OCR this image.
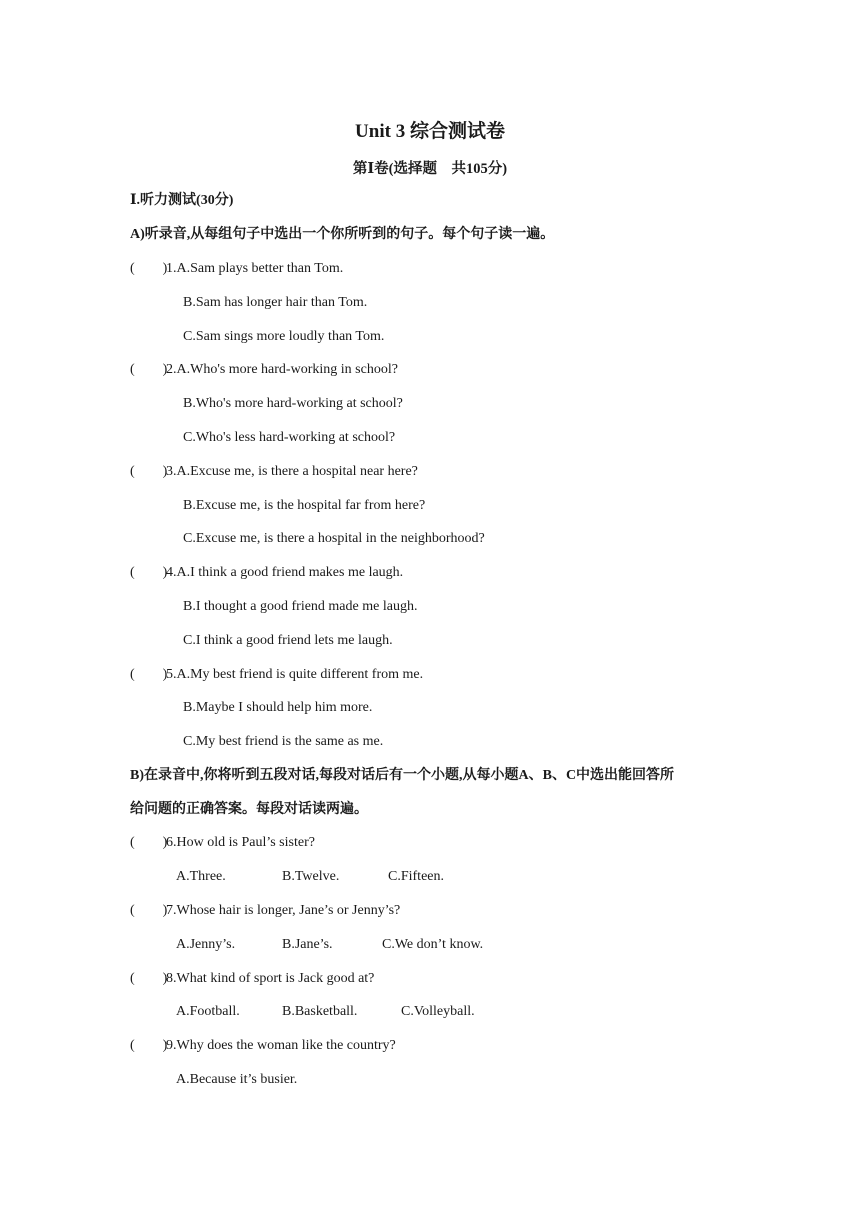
Unit 3 综合测试卷
第Ⅰ卷(选择题　共105分)
Ⅰ.听力测试(30分)
A)听录音,从每组句子中选出一个你所听到的句子。每个句子读一遍。
(　　)
1.A.Sam plays better than Tom.
B.Sam has longer hair than Tom.
C.Sam sings more loudly than Tom.
(　　)
2.A.Who's more hard-working in school?
B.Who's more hard-working at school?
C.Who's less hard-working at school?
(　　)
3.A.Excuse me, is there a hospital near here?
B.Excuse me, is the hospital far from here?
C.Excuse me, is there a hospital in the neighborhood?
(　　)
4.A.I think a good friend makes me laugh.
B.I thought a good friend made me laugh.
C.I think a good friend lets me laugh.
(　　)
5.A.My best friend is quite different from me.
B.Maybe I should help him more.
C.My best friend is the same as me.
B)在录音中,你将听到五段对话,每段对话后有一个小题,从每小题A、B、C中选出能回答所
给问题的正确答案。每段对话读两遍。
(　　)
6.How old is Paul’s sister?
A.Three.	B.Twelve.	C.Fifteen.
(　　)
7.Whose hair is longer, Jane’s or Jenny’s?
A.Jenny’s.	B.Jane’s.	C.We don’t know.
(　　)
8.What kind of sport is Jack good at?
A.Football.	B.Basketball.	C.Volleyball.
(　　)
9.Why does the woman like the country?
A.Because it’s busier.
